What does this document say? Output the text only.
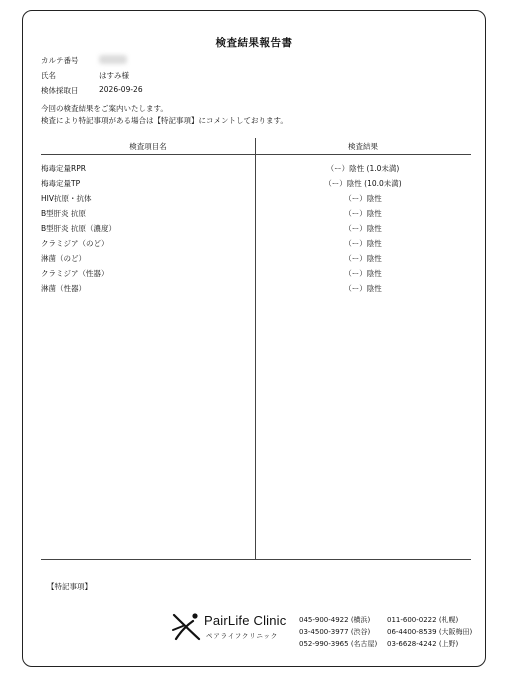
検査結果報告書
カルテ番号
氏名	はすみ様
検体採取日	2026-09-26
今回の検査結果をご案内いたします。
検査により特記事項がある場合は【特記事項】にコメントしております。
検査項目名	検査結果
梅毒定量RPR	（ー）陰性 (1.0未満)
梅毒定量TP	（ー）陰性 (10.0未満)
HIV抗原・抗体	（ー）陰性
B型肝炎 抗原	（ー）陰性
B型肝炎 抗原（濃度）	（ー）陰性
クラミジア（のど）	（ー）陰性
淋菌（のど）	（ー）陰性
クラミジア（性器）	（ー）陰性
淋菌（性器）	（ー）陰性
【特記事項】
PairLife Clinic
ペアライフクリニック
045-900-4922 (横浜)
03-4500-3977 (渋谷)
052-990-3965 (名古屋)
011-600-0222 (札幌)
06-4400-8539 (大阪梅田)
03-6628-4242 (上野)
